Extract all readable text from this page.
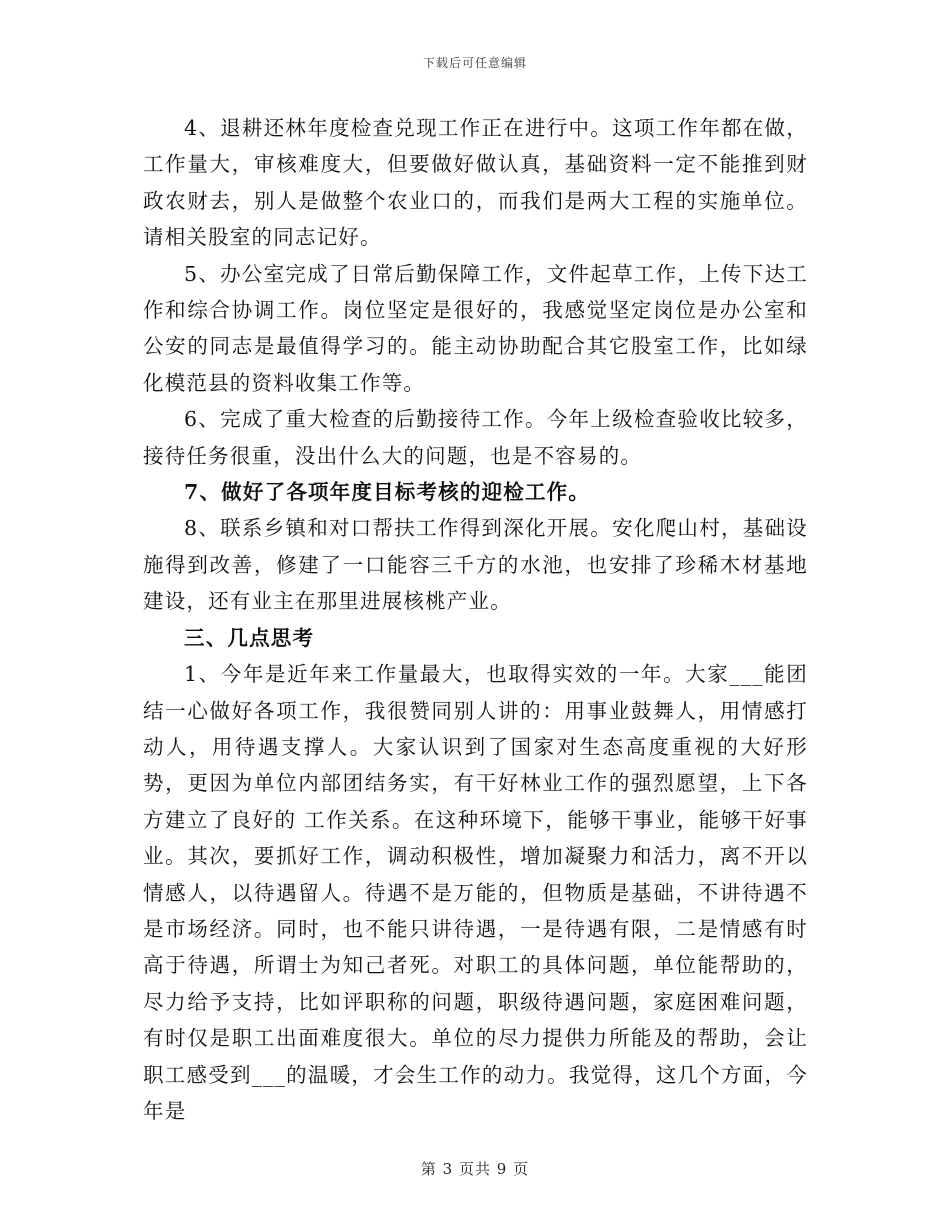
下载后可任意编辑

4、退耕还林年度检查兑现工作正在进行中。这项工作年都在做，工作量大，审核难度大，但要做好做认真，基础资料一定不能推到财政农财去，别人是做整个农业口的，而我们是两大工程的实施单位。请相关股室的同志记好。

5、办公室完成了日常后勤保障工作，文件起草工作，上传下达工作和综合协调工作。岗位坚定是很好的，我感觉坚定岗位是办公室和公安的同志是最值得学习的。能主动协助配合其它股室工作，比如绿化模范县的资料收集工作等。

6、完成了重大检查的后勤接待工作。今年上级检查验收比较多，接待任务很重，没出什么大的问题，也是不容易的。

7、做好了各项年度目标考核的迎检工作。

8、联系乡镇和对口帮扶工作得到深化开展。安化爬山村，基础设施得到改善，修建了一口能容三千方的水池，也安排了珍稀木材基地建设，还有业主在那里进展核桃产业。

三、几点思考

1、今年是近年来工作量最大，也取得实效的一年。大家___能团结一心做好各项工作，我很赞同别人讲的：用事业鼓舞人，用情感打动人，用待遇支撑人。大家认识到了国家对生态高度重视的大好形势，更因为单位内部团结务实，有干好林业工作的强烈愿望，上下各方建立了良好的 工作关系。在这种环境下，能够干事业，能够干好事业。其次，要抓好工作，调动积极性，增加凝聚力和活力，离不开以情感人，以待遇留人。待遇不是万能的，但物质是基础，不讲待遇不是市场经济。同时，也不能只讲待遇，一是待遇有限，二是情感有时高于待遇，所谓士为知己者死。对职工的具体问题，单位能帮助的，尽力给予支持，比如评职称的问题，职级待遇问题，家庭困难问题，有时仅是职工出面难度很大。单位的尽力提供力所能及的帮助，会让职工感受到___的温暖，才会生工作的动力。我觉得，这几个方面，今年是

第 3 页共 9 页
